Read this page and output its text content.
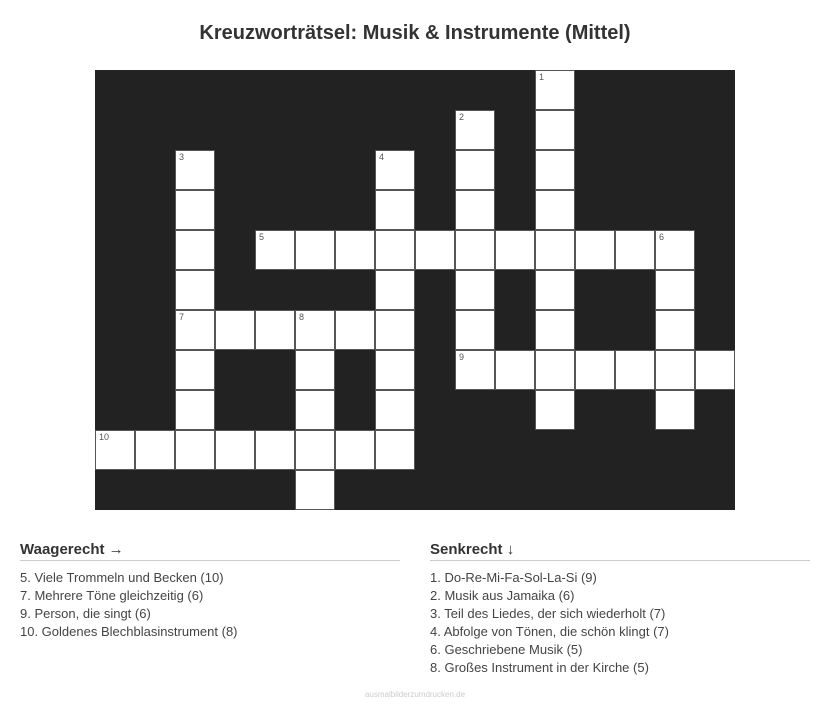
Kreuzworträtsel: Musik & Instrumente (Mittel)
1
2
3	4
5	6
7	8
9
10
Waagerecht →
5. Viele Trommeln und Becken (10)
7. Mehrere Töne gleichzeitig (6)
9. Person, die singt (6)
10. Goldenes Blechblasinstrument (8)
Senkrecht ↓
1. Do-Re-Mi-Fa-Sol-La-Si (9)
2. Musik aus Jamaika (6)
3. Teil des Liedes, der sich wiederholt (7)
4. Abfolge von Tönen, die schön klingt (7)
6. Geschriebene Musik (5)
8. Großes Instrument in der Kirche (5)
ausmalbilderzumdrucken.de
